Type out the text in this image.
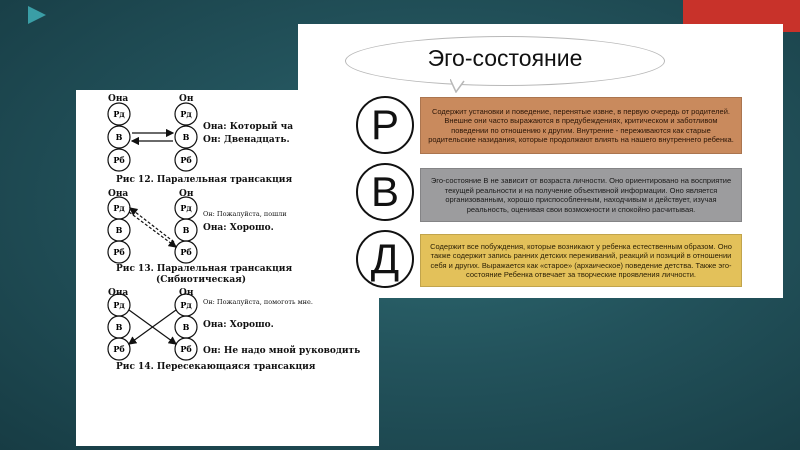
Она	Он
Рд
В
Рб
Рд
В
Рб
Она: Который ча
Он: Двенадцать.
Рис 12. Паралельная трансакция
Она	Он
Рд
В
Рб
Рд
В
Рб
Он: Пожалуйста, пошли
Она: Хорошо.
Рис 13. Паралельная трансакция
(Сибиотическая)
Она	Он
Рд
В
Рб
Рд
В
Рб
Он: Пожалуйста, помоготь мне.
Она: Хорошо.
Он: Не надо мной руководить
Рис 14. Пересекающаяся трансакция
Эго-состояние
Р
В
Д
Содержит установки и поведение, перенятые извне, в первую очередь от родителей. Внешне они часто выражаются в предубеждениях, критическом и заботливом поведении по отношению к другим. Внутренне - переживаются как старые родительские назидания, которые продолжают влиять на нашего внутреннего ребенка.
Эго-состояние В не зависит от возраста личности. Оно ориентировано на восприятие текущей реальности и на получение объективной информации. Оно является организованным, хорошо приспособленным, находчивым и действует, изучая реальность, оценивая свои возможности и спокойно расчитывая.
Содержит все побуждения, которые возникают у ребенка естественным образом. Оно также содержит запись ранних детских переживаний, реакций и позиций в отношении себя и других. Выражается как «старое» (архаическое) поведение детства. Также эго-состояние Ребенка отвечает за творческие проявления личности.
